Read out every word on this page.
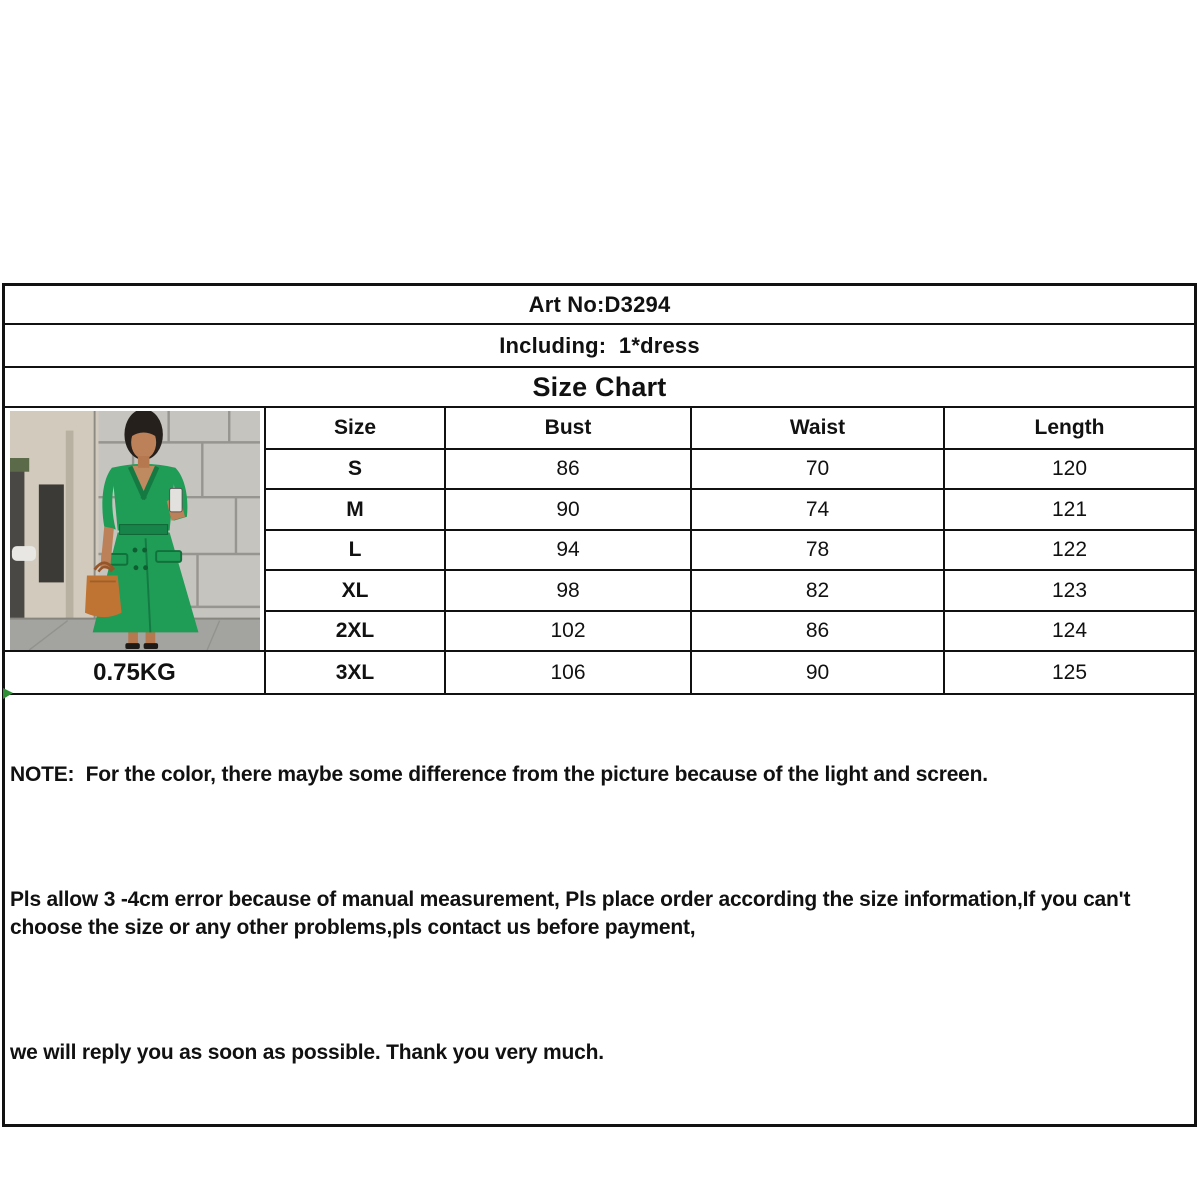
Art No:D3294
Including:  1*dress
Size Chart
Size	Bust	Waist	Length
S	86	70	120
M	90	74	121
L	94	78	122
XL	98	82	123
2XL	102	86	124
0.75KG	3XL	106	90	125

NOTE:  For the color, there maybe some difference from the picture because of the light and screen.

Pls allow 3 -4cm error because of manual measurement, Pls place order according the size information,If you can't choose the size or any other problems,pls contact us before payment,

we will reply you as soon as possible. Thank you very much.
